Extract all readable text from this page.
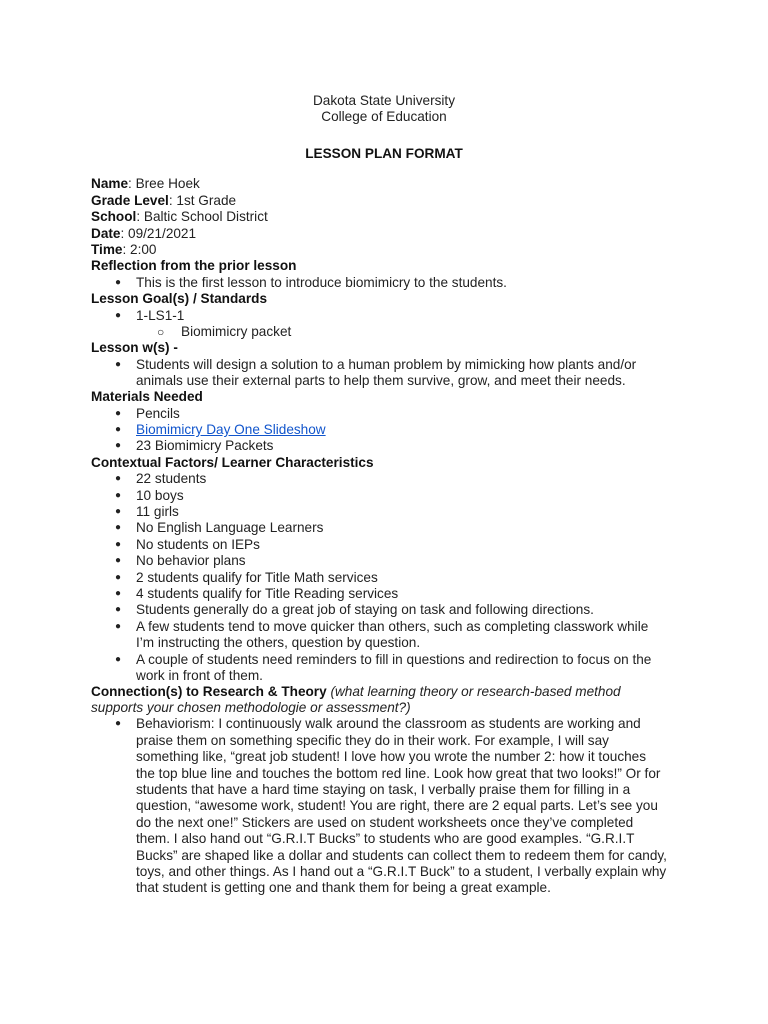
Dakota State University
College of Education
LESSON PLAN FORMAT
Name: Bree Hoek
Grade Level: 1st Grade
School: Baltic School District
Date: 09/21/2021
Time: 2:00
Reflection from the prior lesson
● This is the first lesson to introduce biomimicry to the students.
Lesson Goal(s) / Standards
● 1-LS1-1
○ Biomimicry packet
Lesson w(s) -
● Students will design a solution to a human problem by mimicking how plants and/or
animals use their external parts to help them survive, grow, and meet their needs.
Materials Needed
● Pencils
● Biomimicry Day One Slideshow
● 23 Biomimicry Packets
Contextual Factors/ Learner Characteristics
● 22 students
● 10 boys
● 11 girls
● No English Language Learners
● No students on IEPs
● No behavior plans
● 2 students qualify for Title Math services
● 4 students qualify for Title Reading services
● Students generally do a great job of staying on task and following directions.
● A few students tend to move quicker than others, such as completing classwork while
I’m instructing the others, question by question.
● A couple of students need reminders to fill in questions and redirection to focus on the
work in front of them.
Connection(s) to Research & Theory (what learning theory or research-based method
supports your chosen methodologie or assessment?)
● Behaviorism: I continuously walk around the classroom as students are working and
praise them on something specific they do in their work. For example, I will say
something like, “great job student! I love how you wrote the number 2: how it touches
the top blue line and touches the bottom red line. Look how great that two looks!” Or for
students that have a hard time staying on task, I verbally praise them for filling in a
question, “awesome work, student! You are right, there are 2 equal parts. Let’s see you
do the next one!” Stickers are used on student worksheets once they’ve completed
them. I also hand out “G.R.I.T Bucks” to students who are good examples. “G.R.I.T
Bucks” are shaped like a dollar and students can collect them to redeem them for candy,
toys, and other things. As I hand out a “G.R.I.T Buck” to a student, I verbally explain why
that student is getting one and thank them for being a great example.
